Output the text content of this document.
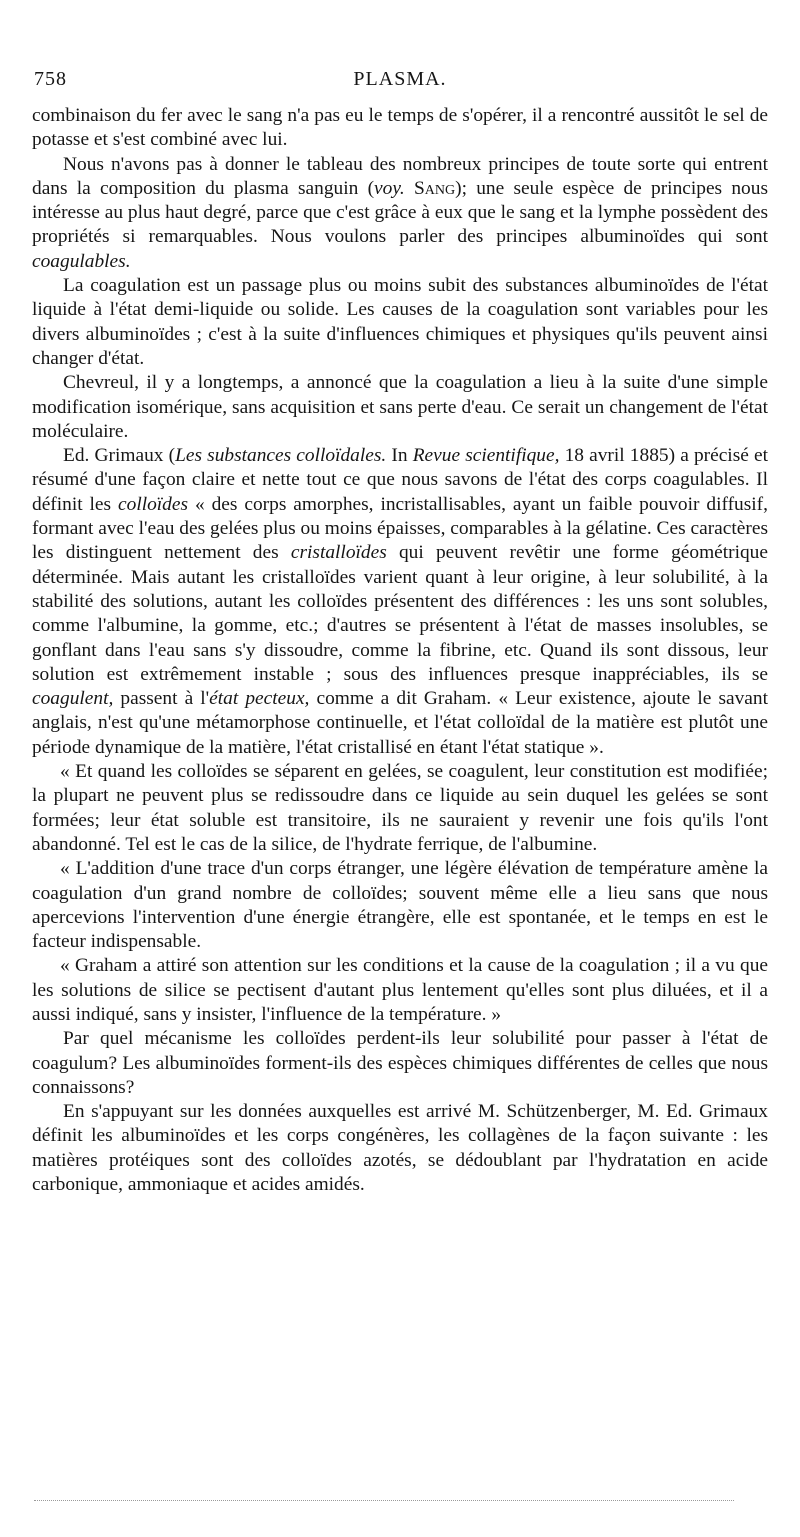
758	PLASMA.

combinaison du fer avec le sang n'a pas eu le temps de s'opérer, il a rencontré aussitôt le sel de potasse et s'est combiné avec lui.

Nous n'avons pas à donner le tableau des nombreux principes de toute sorte qui entrent dans la composition du plasma sanguin (voy. Sang); une seule espèce de principes nous intéresse au plus haut degré, parce que c'est grâce à eux que le sang et la lymphe possèdent des propriétés si remarquables. Nous voulons parler des principes albuminoïdes qui sont coagulables.

La coagulation est un passage plus ou moins subit des substances albuminoïdes de l'état liquide à l'état demi-liquide ou solide. Les causes de la coagulation sont variables pour les divers albuminoïdes ; c'est à la suite d'influences chimiques et physiques qu'ils peuvent ainsi changer d'état.

Chevreul, il y a longtemps, a annoncé que la coagulation a lieu à la suite d'une simple modification isomérique, sans acquisition et sans perte d'eau. Ce serait un changement de l'état moléculaire.

Ed. Grimaux (Les substances colloïdales. In Revue scientifique, 18 avril 1885) a précisé et résumé d'une façon claire et nette tout ce que nous savons de l'état des corps coagulables. Il définit les colloïdes « des corps amorphes, incristallisables, ayant un faible pouvoir diffusif, formant avec l'eau des gelées plus ou moins épaisses, comparables à la gélatine. Ces caractères les distinguent nettement des cristalloïdes qui peuvent revêtir une forme géométrique déterminée. Mais autant les cristalloïdes varient quant à leur origine, à leur solubilité, à la stabilité des solutions, autant les colloïdes présentent des différences : les uns sont solubles, comme l'albumine, la gomme, etc.; d'autres se présentent à l'état de masses insolubles, se gonflant dans l'eau sans s'y dissoudre, comme la fibrine, etc. Quand ils sont dissous, leur solution est extrêmement instable ; sous des influences presque inappréciables, ils se coagulent, passent à l'état pecteux, comme a dit Graham. « Leur existence, ajoute le savant anglais, n'est qu'une métamorphose continuelle, et l'état colloïdal de la matière est plutôt une période dynamique de la matière, l'état cristallisé en étant l'état statique ».

« Et quand les colloïdes se séparent en gelées, se coagulent, leur constitution est modifiée; la plupart ne peuvent plus se redissoudre dans ce liquide au sein duquel les gelées se sont formées; leur état soluble est transitoire, ils ne sauraient y revenir une fois qu'ils l'ont abandonné. Tel est le cas de la silice, de l'hydrate ferrique, de l'albumine.

« L'addition d'une trace d'un corps étranger, une légère élévation de température amène la coagulation d'un grand nombre de colloïdes; souvent même elle a lieu sans que nous apercevions l'intervention d'une énergie étrangère, elle est spontanée, et le temps en est le facteur indispensable.

« Graham a attiré son attention sur les conditions et la cause de la coagulation ; il a vu que les solutions de silice se pectisent d'autant plus lentement qu'elles sont plus diluées, et il a aussi indiqué, sans y insister, l'influence de la température. »

Par quel mécanisme les colloïdes perdent-ils leur solubilité pour passer à l'état de coagulum? Les albuminoïdes forment-ils des espèces chimiques différentes de celles que nous connaissons?

En s'appuyant sur les données auxquelles est arrivé M. Schützenberger, M. Ed. Grimaux définit les albuminoïdes et les corps congénères, les collagènes de la façon suivante : les matières protéiques sont des colloïdes azotés, se dédoublant par l'hydratation en acide carbonique, ammoniaque et acides amidés.
